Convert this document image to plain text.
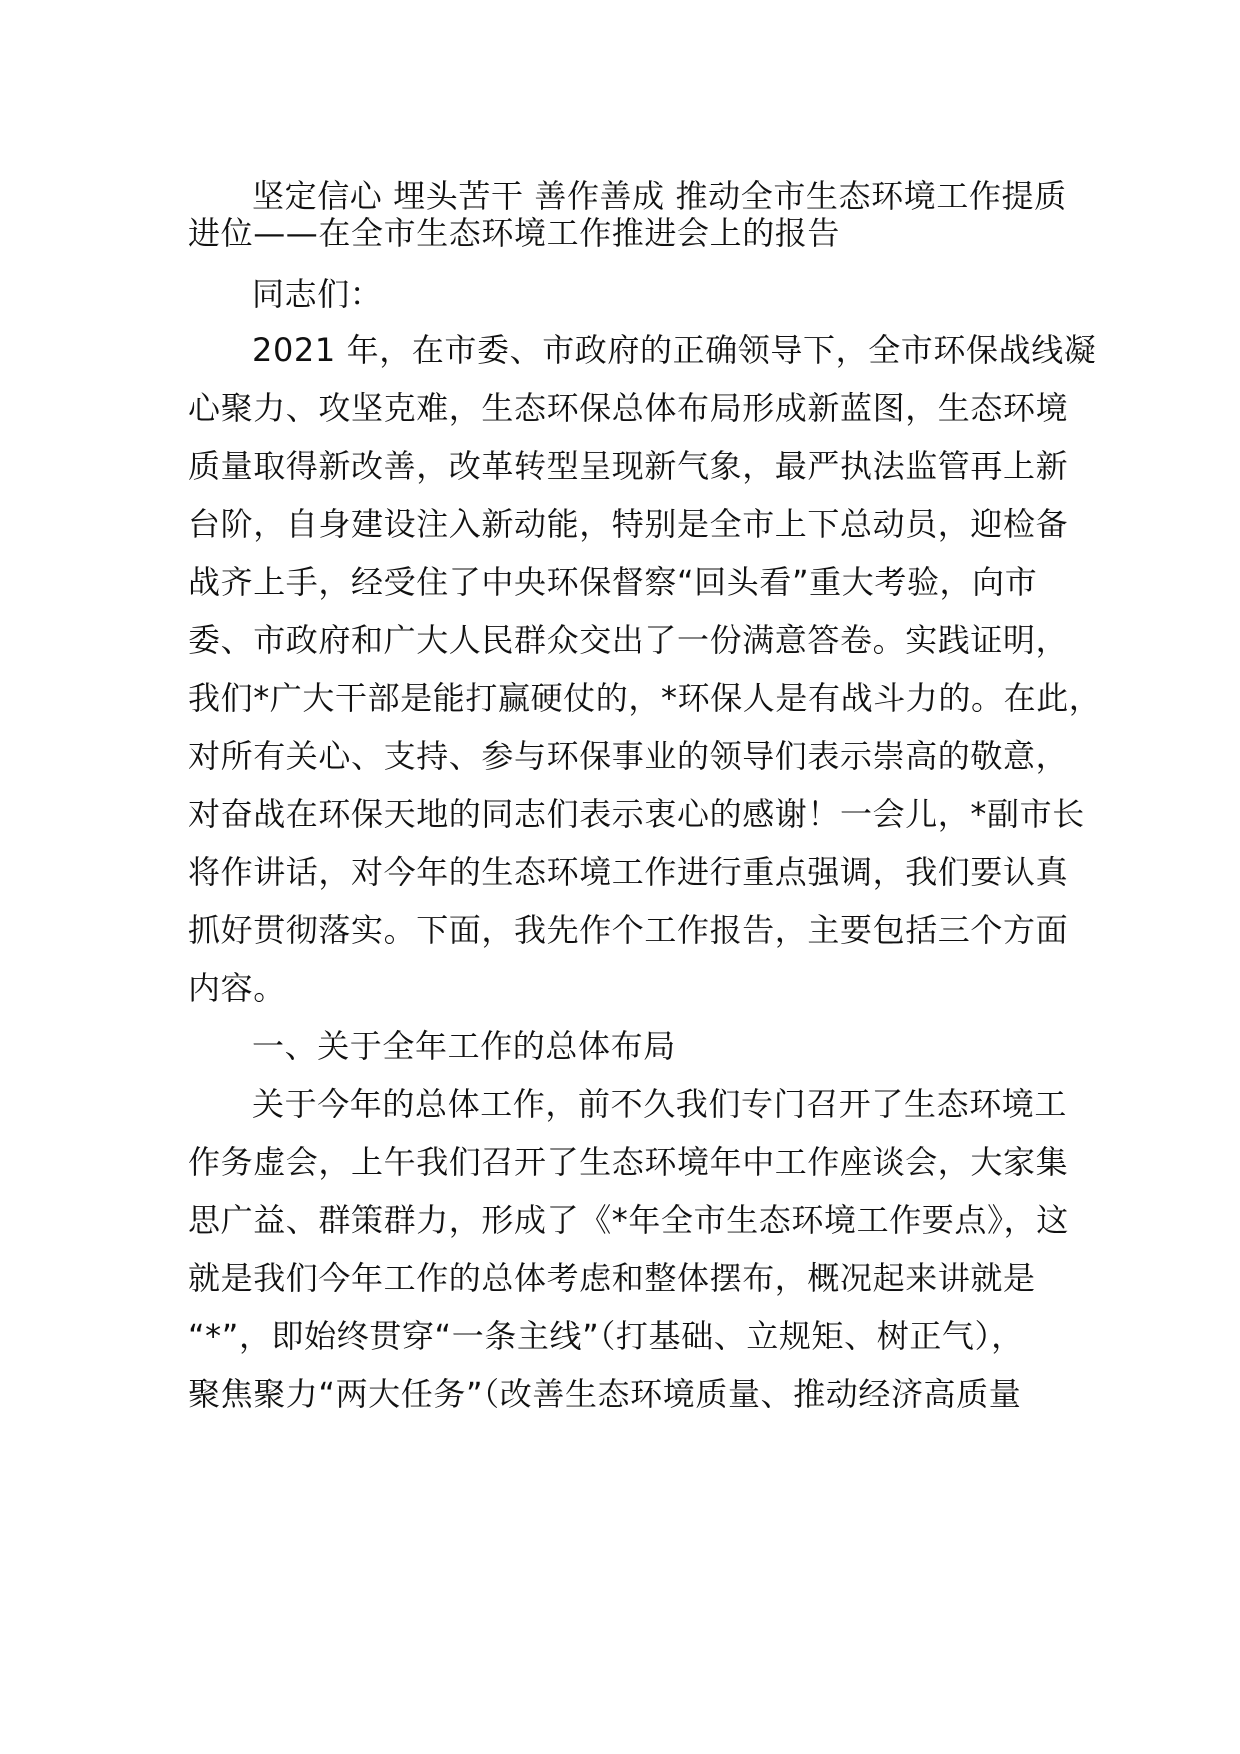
坚定信心 埋头苦干 善作善成 推动全市生态环境工作提质

进位——在全市生态环境工作推进会上的报告

同志们：

2021 年，在市委、市政府的正确领导下，全市环保战线凝

心聚力、攻坚克难，生态环保总体布局形成新蓝图，生态环境

质量取得新改善，改革转型呈现新气象，最严执法监管再上新

台阶，自身建设注入新动能，特别是全市上下总动员，迎检备

战齐上手，经受住了中央环保督察“回头看”重大考验，向市

委、市政府和广大人民群众交出了一份满意答卷。实践证明，

我们*广大干部是能打赢硬仗的，*环保人是有战斗力的。在此，

对所有关心、支持、参与环保事业的领导们表示崇高的敬意，

对奋战在环保天地的同志们表示衷心的感谢！一会儿，*副市长

将作讲话，对今年的生态环境工作进行重点强调，我们要认真

抓好贯彻落实。下面，我先作个工作报告，主要包括三个方面

内容。

一、关于全年工作的总体布局

关于今年的总体工作，前不久我们专门召开了生态环境工

作务虚会，上午我们召开了生态环境年中工作座谈会，大家集

思广益、群策群力，形成了《*年全市生态环境工作要点》，这

就是我们今年工作的总体考虑和整体摆布，概况起来讲就是

“*”，即始终贯穿“一条主线”（打基础、立规矩、树正气），

聚焦聚力“两大任务”（改善生态环境质量、推动经济高质量
